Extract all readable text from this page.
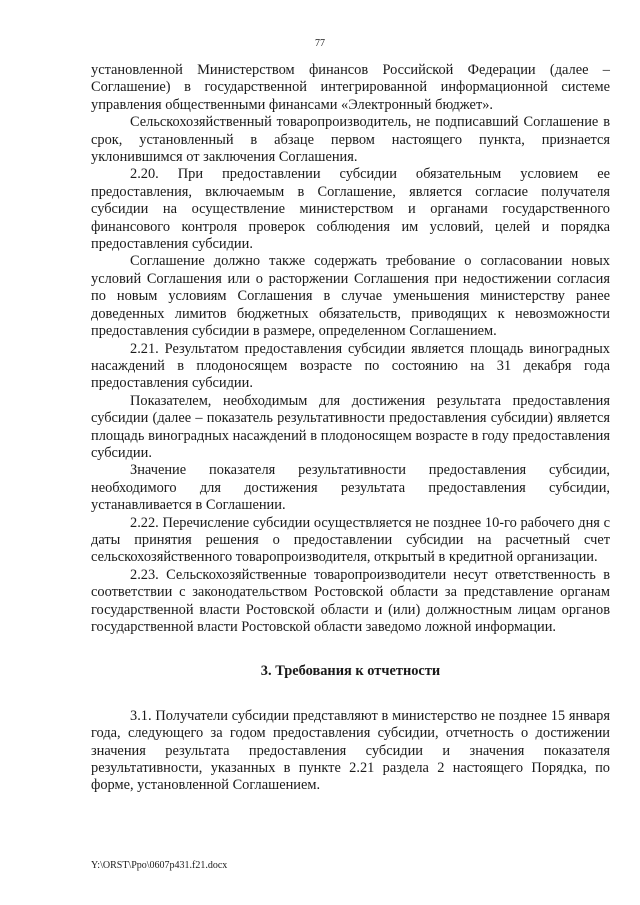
77

установленной Министерством финансов Российской Федерации (далее – Соглашение) в государственной интегрированной информационной системе управления общественными финансами «Электронный бюджет».

Сельскохозяйственный товаропроизводитель, не подписавший Соглашение в срок, установленный в абзаце первом настоящего пункта, признается уклонившимся от заключения Соглашения.

2.20. При предоставлении субсидии обязательным условием ее предоставления, включаемым в Соглашение, является согласие получателя субсидии на осуществление министерством и органами государственного финансового контроля проверок соблюдения им условий, целей и порядка предоставления субсидии.

Соглашение должно также содержать требование о согласовании новых условий Соглашения или о расторжении Соглашения при недостижении согласия по новым условиям Соглашения в случае уменьшения министерству ранее доведенных лимитов бюджетных обязательств, приводящих к невозможности предоставления субсидии в размере, определенном Соглашением.

2.21. Результатом предоставления субсидии является площадь виноградных насаждений в плодоносящем возрасте по состоянию на 31 декабря года предоставления субсидии.

Показателем, необходимым для достижения результата предоставления субсидии (далее – показатель результативности предоставления субсидии) является площадь виноградных насаждений в плодоносящем возрасте в году предоставления субсидии.

Значение показателя результативности предоставления субсидии, необходимого для достижения результата предоставления субсидии, устанавливается в Соглашении.

2.22. Перечисление субсидии осуществляется не позднее 10-го рабочего дня с даты принятия решения о предоставлении субсидии на расчетный счет сельскохозяйственного товаропроизводителя, открытый в кредитной организации.

2.23. Сельскохозяйственные товаропроизводители несут ответственность в соответствии с законодательством Ростовской области за представление органам государственной власти Ростовской области и (или) должностным лицам органов государственной власти Ростовской области заведомо ложной информации.

3. Требования к отчетности

3.1. Получатели субсидии представляют в министерство не позднее 15 января года, следующего за годом предоставления субсидии, отчетность о достижении значения результата предоставления субсидии и значения показателя результативности, указанных в пункте 2.21 раздела 2 настоящего Порядка, по форме, установленной Соглашением.

Y:\ORST\Ppo\0607p431.f21.docx
